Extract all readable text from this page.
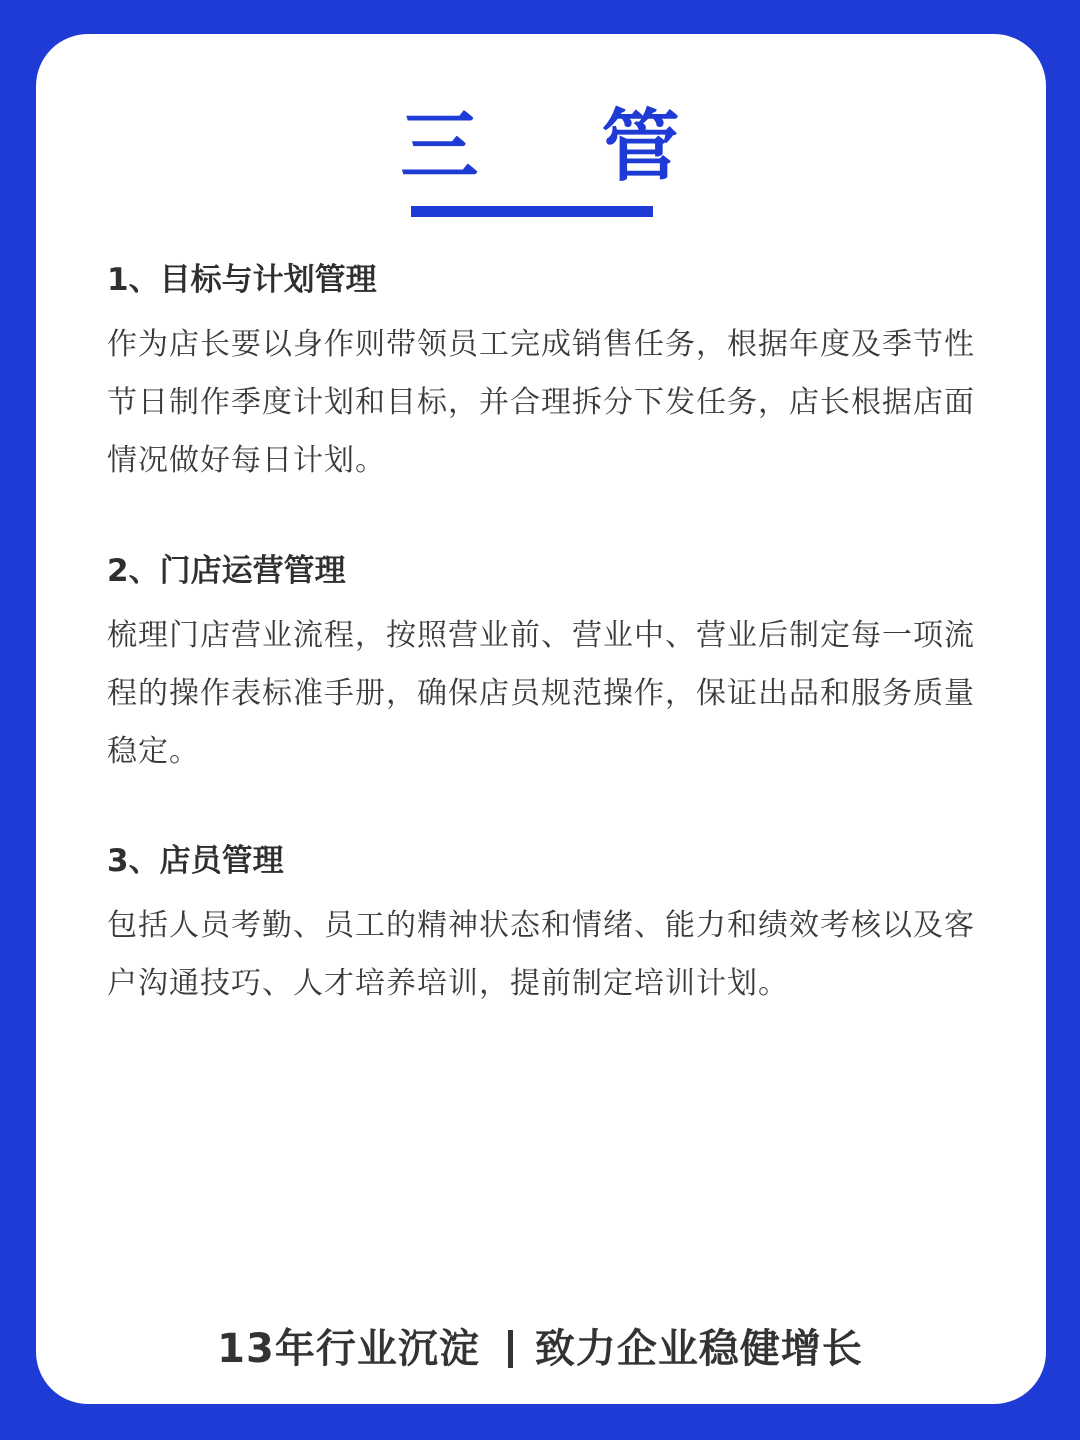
三 管
1、目标与计划管理
作为店长要以身作则带领员工完成销售任务，根据年度及季节性节日制作季度计划和目标，并合理拆分下发任务，店长根据店面情况做好每日计划。
2、门店运营管理
梳理门店营业流程，按照营业前、营业中、营业后制定每一项流程的操作表标准手册，确保店员规范操作，保证出品和服务质量稳定。
3、店员管理
包括人员考勤、员工的精神状态和情绪、能力和绩效考核以及客户沟通技巧、人才培养培训，提前制定培训计划。
13年行业沉淀 致力企业稳健增长
